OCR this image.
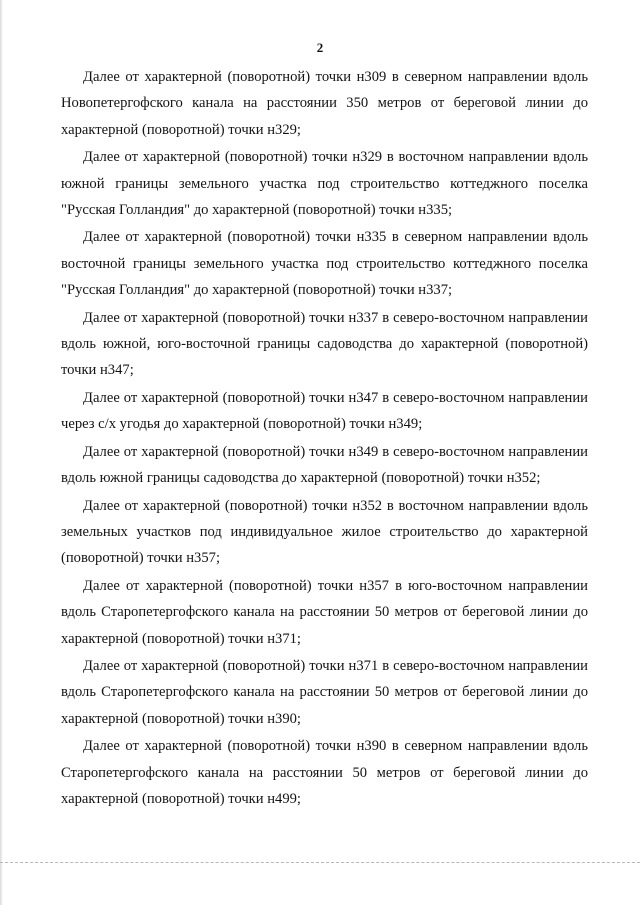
2

Далее от характерной (поворотной) точки н309 в северном направлении вдоль Новопетергофского канала на расстоянии 350 метров от береговой линии до характерной (поворотной) точки н329;

Далее от характерной (поворотной) точки н329 в восточном направлении вдоль южной границы земельного участка под строительство коттеджного поселка "Русская Голландия" до характерной (поворотной) точки н335;

Далее от характерной (поворотной) точки н335 в северном направлении вдоль восточной границы земельного участка под строительство коттеджного поселка "Русская Голландия" до характерной (поворотной) точки н337;

Далее от характерной (поворотной) точки н337 в северо-восточном направлении вдоль южной, юго-восточной границы садоводства до характерной (поворотной) точки н347;

Далее от характерной (поворотной) точки н347 в северо-восточном направлении через с/х угодья до характерной (поворотной) точки н349;

Далее от характерной (поворотной) точки н349 в северо-восточном направлении вдоль южной границы садоводства до характерной (поворотной) точки н352;

Далее от характерной (поворотной) точки н352 в восточном направлении вдоль земельных участков под индивидуальное жилое строительство до характерной (поворотной) точки н357;

Далее от характерной (поворотной) точки н357 в юго-восточном направлении вдоль Старопетергофского канала на расстоянии 50 метров от береговой линии до характерной (поворотной) точки н371;

Далее от характерной (поворотной) точки н371 в северо-восточном направлении вдоль Старопетергофского канала на расстоянии 50 метров от береговой линии до характерной (поворотной) точки н390;

Далее от характерной (поворотной) точки н390 в северном направлении вдоль Старопетергофского канала на расстоянии 50 метров от береговой линии до характерной (поворотной) точки н499;
